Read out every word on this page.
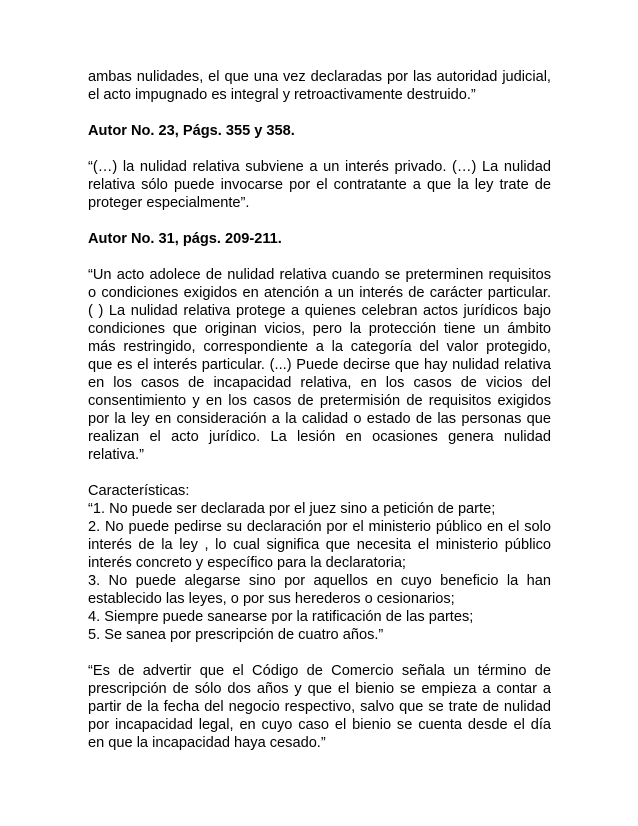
ambas nulidades, el que una vez declaradas por las autoridad judicial,
el acto impugnado es integral y retroactivamente destruido.”

Autor No. 23, Págs. 355 y 358.

“(…) la nulidad relativa subviene a un interés privado. (…) La nulidad
relativa sólo puede invocarse por el contratante a que la ley trate de
proteger especialmente”.

Autor No. 31, págs. 209-211.

“Un acto adolece de nulidad relativa cuando se preterminen requisitos
o condiciones exigidos en atención a un interés de carácter particular.
( ) La nulidad relativa protege a quienes celebran actos jurídicos bajo
condiciones que originan vicios, pero la protección tiene un ámbito
más restringido, correspondiente a la categoría del valor protegido,
que es el interés particular. (...) Puede decirse que hay nulidad relativa
en los casos de incapacidad relativa, en los casos de vicios del
consentimiento y en los casos de pretermisión de requisitos exigidos
por la ley en consideración a la calidad o estado de las personas que
realizan el acto jurídico. La lesión en ocasiones genera nulidad
relativa.”

Características:

“1. No puede ser declarada por el juez sino a petición de parte;
2. No puede pedirse su declaración por el ministerio público en el solo
interés de la ley , lo cual significa que necesita el ministerio público
interés concreto y específico para la declaratoria;
3. No puede alegarse sino por aquellos en cuyo beneficio la han
establecido las leyes, o por sus herederos o cesionarios;
4. Siempre puede sanearse por la ratificación de las partes;
5. Se sanea por prescripción de cuatro años.”

“Es de advertir que el Código de Comercio señala un término de
prescripción de sólo dos años y que el bienio se empieza a contar a
partir de la fecha del negocio respectivo, salvo que se trate de nulidad
por incapacidad legal, en cuyo caso el bienio se cuenta desde el día
en que la incapacidad haya cesado.”
